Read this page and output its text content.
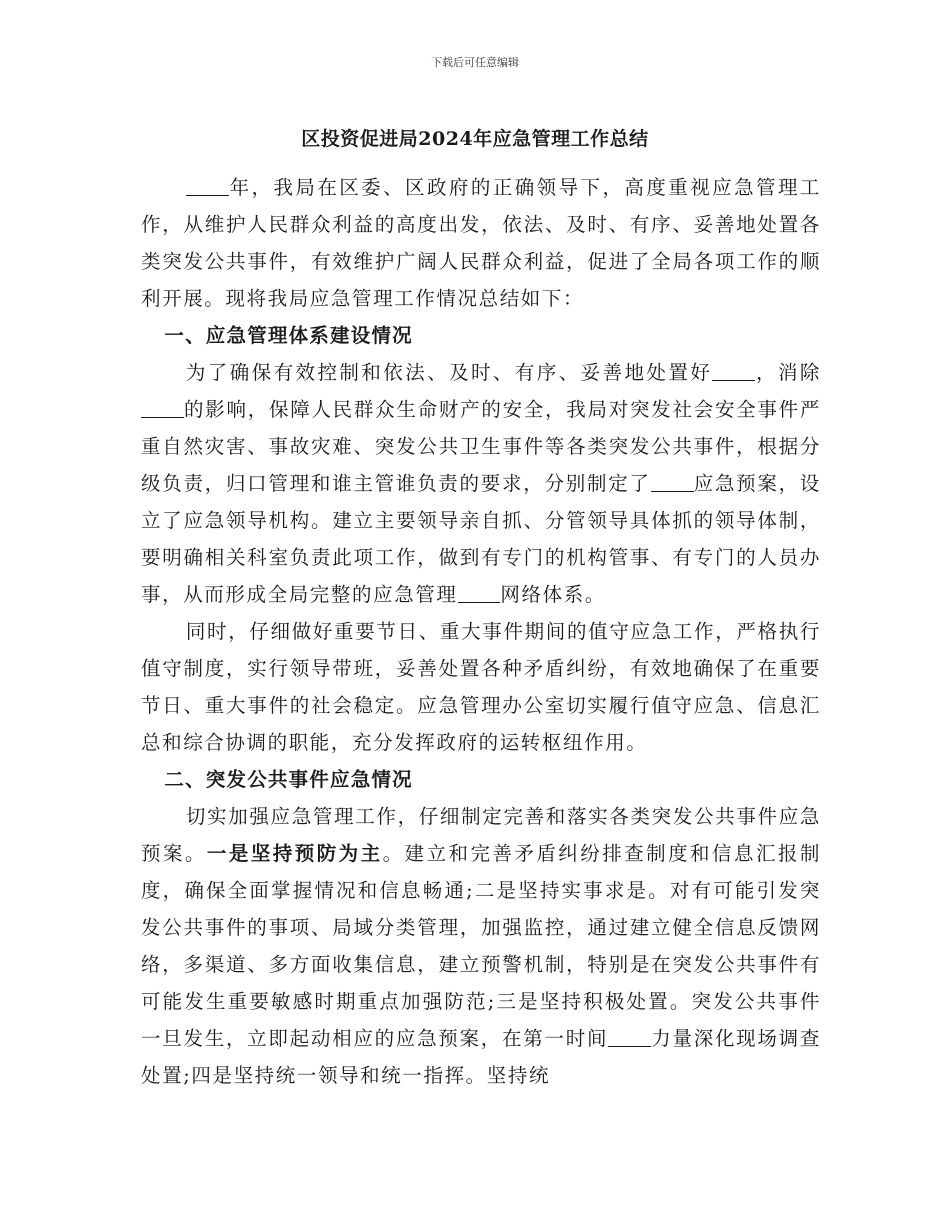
下载后可任意编辑
区投资促进局2024年应急管理工作总结

年，我局在区委、区政府的正确领导下，高度重视应急管理工作，从维护人民群众利益的高度出发，依法、及时、有序、妥善地处置各类突发公共事件，有效维护广阔人民群众利益，促进了全局各项工作的顺利开展。现将我局应急管理工作情况总结如下：

一、应急管理体系建设情况

为了确保有效控制和依法、及时、有序、妥善地处置好 ，消除的影响，保障人民群众生命财产的安全，我局对突发社会安全事件严重自然灾害、事故灾难、突发公共卫生事件等各类突发公共事件，根据分级负责，归口管理和谁主管谁负责的要求，分别制定了 应急预案，设立了应急领导机构。建立主要领导亲自抓、分管领导具体抓的领导体制，要明确相关科室负责此项工作，做到有专门的机构管事、有专门的人员办事，从而形成全局完整的应急管理 网络体系。

同时，仔细做好重要节日、重大事件期间的值守应急工作，严格执行值守制度，实行领导带班，妥善处置各种矛盾纠纷，有效地确保了在重要节日、重大事件的社会稳定。应急管理办公室切实履行值守应急、信息汇总和综合协调的职能，充分发挥政府的运转枢纽作用。

二、突发公共事件应急情况

切实加强应急管理工作，仔细制定完善和落实各类突发公共事件应急预案。一是坚持预防为主。建立和完善矛盾纠纷排查制度和信息汇报制度，确保全面掌握情况和信息畅通;二是坚持实事求是。对有可能引发突发公共事件的事项、局域分类管理，加强监控，通过建立健全信息反馈网络，多渠道、多方面收集信息，建立预警机制，特别是在突发公共事件有可能发生重要敏感时期重点加强防范;三是坚持积极处置。突发公共事件一旦发生，立即起动相应的应急预案，在第一时间 力量深化现场调查处置;四是坚持统一领导和统一指挥。坚持统
